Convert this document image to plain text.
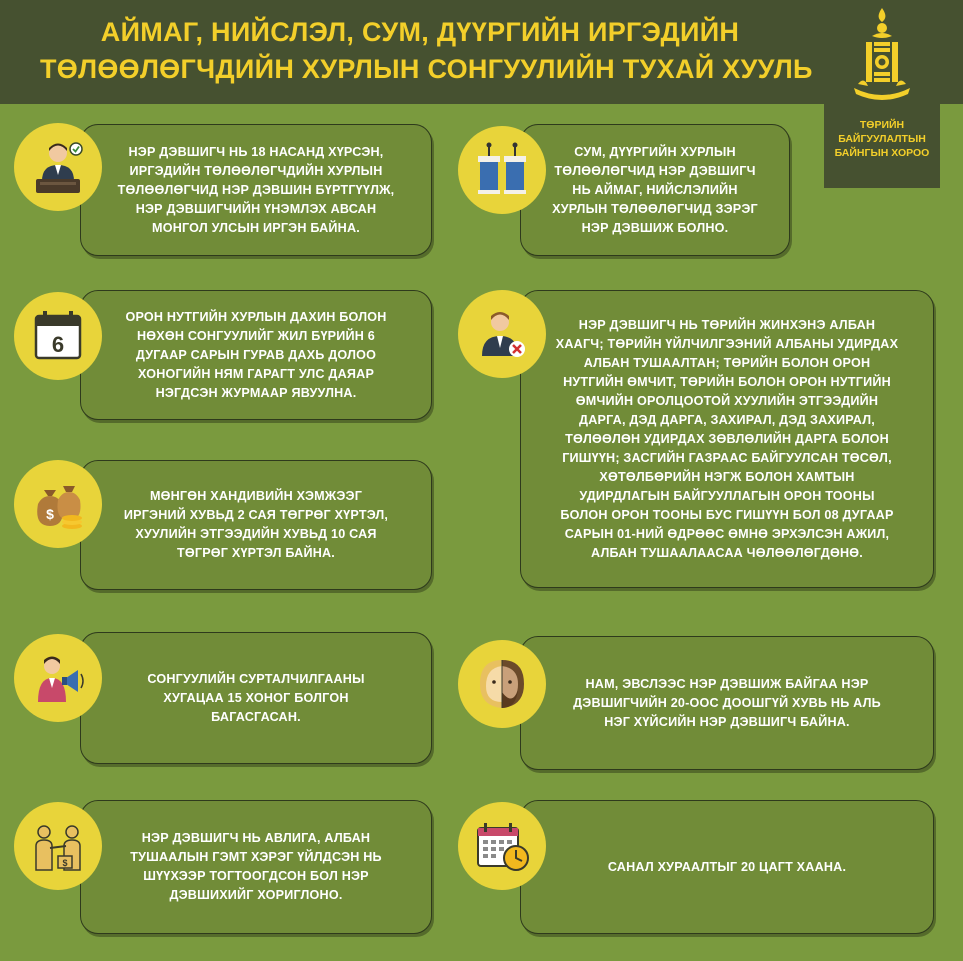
АЙМАГ, НИЙСЛЭЛ, СУМ, ДҮҮРГИЙН ИРГЭДИЙН
ТӨЛӨӨЛӨГЧДИЙН ХУРЛЫН СОНГУУЛИЙН ТУХАЙ ХУУЛЬ
ТӨРИЙН
БАЙГУУЛАЛТЫН
БАЙНГЫН ХОРОО
НЭР ДЭВШИГЧ НЬ 18 НАСАНД ХҮРСЭН,
ИРГЭДИЙН ТӨЛӨӨЛӨГЧДИЙН ХУРЛЫН
ТӨЛӨӨЛӨГЧИД НЭР ДЭВШИН БҮРТГҮҮЛЖ,
НЭР ДЭВШИГЧИЙН ҮНЭМЛЭХ АВСАН
МОНГОЛ УЛСЫН ИРГЭН БАЙНА.
СУМ, ДҮҮРГИЙН ХУРЛЫН
ТӨЛӨӨЛӨГЧИД НЭР ДЭВШИГЧ
НЬ АЙМАГ, НИЙСЛЭЛИЙН
ХУРЛЫН ТӨЛӨӨЛӨГЧИД ЗЭРЭГ
НЭР ДЭВШИЖ БОЛНО.
ОРОН НУТГИЙН ХУРЛЫН ДАХИН БОЛОН
НӨХӨН СОНГУУЛИЙГ ЖИЛ БҮРИЙН 6
ДУГААР САРЫН ГУРАВ ДАХЬ ДОЛОО
ХОНОГИЙН НЯМ ГАРАГТ УЛС ДАЯАР
НЭГДСЭН ЖУРМААР ЯВУУЛНА.
6
НЭР ДЭВШИГЧ НЬ ТӨРИЙН ЖИНХЭНЭ АЛБАН
ХААГЧ; ТӨРИЙН ҮЙЛЧИЛГЭЭНИЙ АЛБАНЫ УДИРДАХ
АЛБАН ТУШААЛТАН; ТӨРИЙН БОЛОН ОРОН
НУТГИЙН ӨМЧИТ, ТӨРИЙН БОЛОН ОРОН НУТГИЙН
ӨМЧИЙН ОРОЛЦООТОЙ ХУУЛИЙН ЭТГЭЭДИЙН
ДАРГА, ДЭД ДАРГА, ЗАХИРАЛ, ДЭД ЗАХИРАЛ,
ТӨЛӨӨЛӨН УДИРДАХ ЗӨВЛӨЛИЙН ДАРГА БОЛОН
ГИШҮҮН; ЗАСГИЙН ГАЗРААС БАЙГУУЛСАН ТӨСӨЛ,
ХӨТӨЛБӨРИЙН НЭГЖ БОЛОН ХАМТЫН
УДИРДЛАГЫН БАЙГУУЛЛАГЫН ОРОН ТООНЫ
БОЛОН ОРОН ТООНЫ БУС ГИШҮҮН БОЛ 08 ДУГААР
САРЫН 01-НИЙ ӨДРӨӨС ӨМНӨ ЭРХЭЛСЭН АЖИЛ,
АЛБАН ТУШААЛААСАА ЧӨЛӨӨЛӨГДӨНӨ.
МӨНГӨН ХАНДИВИЙН ХЭМЖЭЭГ
ИРГЭНИЙ ХУВЬД 2 САЯ ТӨГРӨГ ХҮРТЭЛ,
ХУУЛИЙН ЭТГЭЭДИЙН ХУВЬД 10 САЯ
ТӨГРӨГ ХҮРТЭЛ БАЙНА.
$
СОНГУУЛИЙН СУРТАЛЧИЛГААНЫ
ХУГАЦАА 15 ХОНОГ БОЛГОН
БАГАСГАСАН.
НАМ, ЭВСЛЭЭС НЭР ДЭВШИЖ БАЙГАА НЭР
ДЭВШИГЧИЙН 20-ООС ДООШГҮЙ ХУВЬ НЬ АЛЬ
НЭГ ХҮЙСИЙН НЭР ДЭВШИГЧ БАЙНА.
НЭР ДЭВШИГЧ НЬ АВЛИГА, АЛБАН
ТУШААЛЫН ГЭМТ ХЭРЭГ ҮЙЛДСЭН НЬ
ШҮҮХЭЭР ТОГТООГДСОН БОЛ НЭР
ДЭВШИХИЙГ ХОРИГЛОНО.
$	САНАЛ ХУРААЛТЫГ 20 ЦАГТ ХААНА.
